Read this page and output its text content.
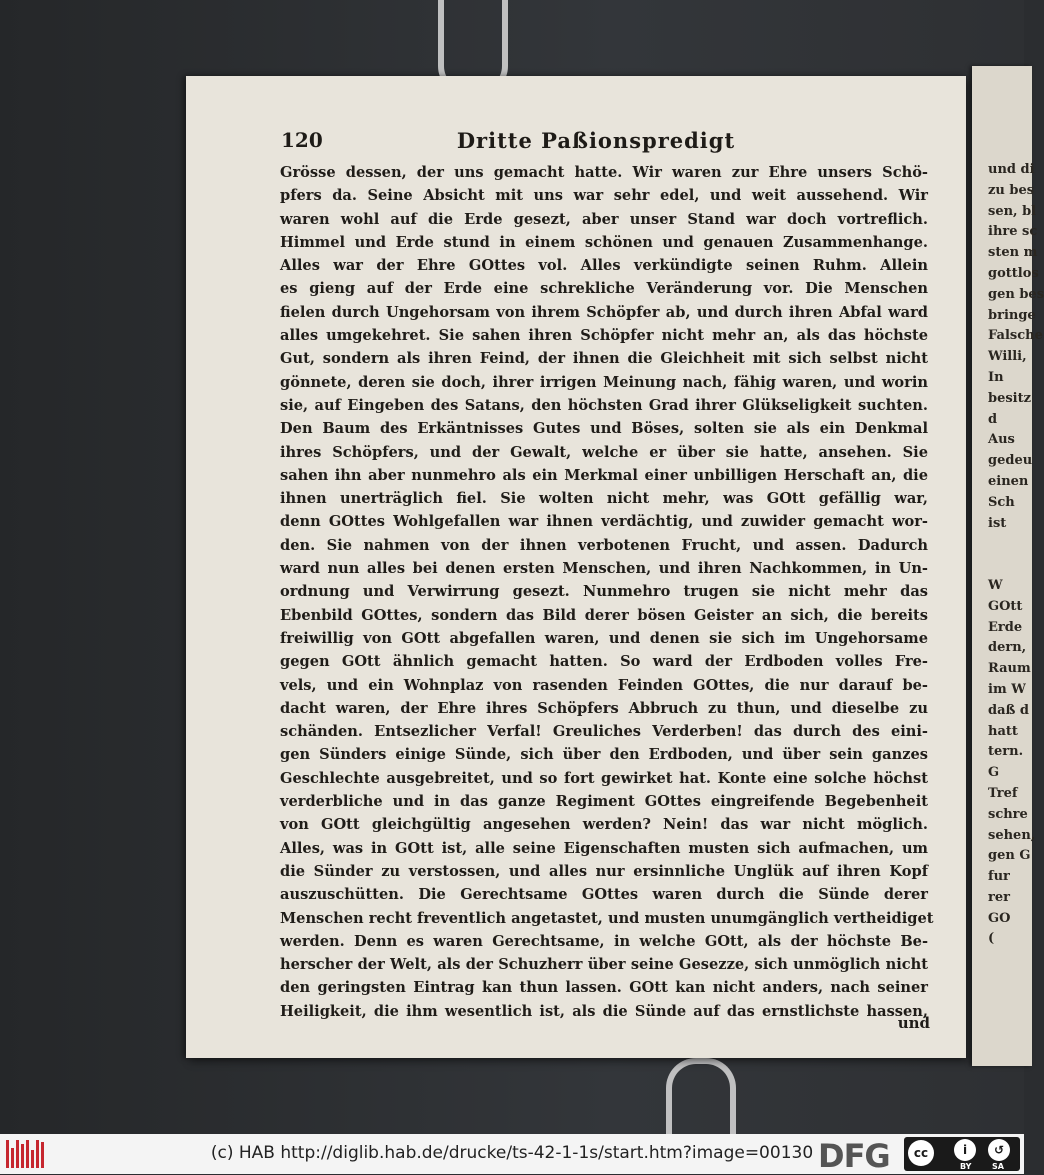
120	Dritte Paßionspredigt
Grösse dessen, der uns gemacht hatte. Wir waren zur Ehre unsers Schö-
pfers da. Seine Absicht mit uns war sehr edel, und weit aussehend. Wir
waren wohl auf die Erde gesezt, aber unser Stand war doch vortreflich.
Himmel und Erde stund in einem schönen und genauen Zusammenhange.
Alles war der Ehre GOttes vol. Alles verkündigte seinen Ruhm. Allein
es gieng auf der Erde eine schrekliche Veränderung vor. Die Menschen
fielen durch Ungehorsam von ihrem Schöpfer ab, und durch ihren Abfal ward
alles umgekehret. Sie sahen ihren Schöpfer nicht mehr an, als das höchste
Gut, sondern als ihren Feind, der ihnen die Gleichheit mit sich selbst nicht
gönnete, deren sie doch, ihrer irrigen Meinung nach, fähig waren, und worin
sie, auf Eingeben des Satans, den höchsten Grad ihrer Glükseligkeit suchten.
Den Baum des Erkäntnisses Gutes und Böses, solten sie als ein Denkmal
ihres Schöpfers, und der Gewalt, welche er über sie hatte, ansehen. Sie
sahen ihn aber nunmehro als ein Merkmal einer unbilligen Herschaft an, die
ihnen unerträglich fiel. Sie wolten nicht mehr, was GOtt gefällig war,
denn GOttes Wohlgefallen war ihnen verdächtig, und zuwider gemacht wor-
den. Sie nahmen von der ihnen verbotenen Frucht, und assen. Dadurch
ward nun alles bei denen ersten Menschen, und ihren Nachkommen, in Un-
ordnung und Verwirrung gesezt. Nunmehro trugen sie nicht mehr das
Ebenbild GOttes, sondern das Bild derer bösen Geister an sich, die bereits
freiwillig von GOtt abgefallen waren, und denen sie sich im Ungehorsame
gegen GOtt ähnlich gemacht hatten. So ward der Erdboden volles Fre-
vels, und ein Wohnplaz von rasenden Feinden GOttes, die nur darauf be-
dacht waren, der Ehre ihres Schöpfers Abbruch zu thun, und dieselbe zu
schänden. Entsezlicher Verfal! Greuliches Verderben! das durch des eini-
gen Sünders einige Sünde, sich über den Erdboden, und über sein ganzes
Geschlechte ausgebreitet, und so fort gewirket hat. Konte eine solche höchst
verderbliche und in das ganze Regiment GOttes eingreifende Begebenheit
von GOtt gleichgültig angesehen werden? Nein! das war nicht möglich.
Alles, was in GOtt ist, alle seine Eigenschaften musten sich aufmachen, um
die Sünder zu verstossen, und alles nur ersinnliche Unglük auf ihren Kopf
auszuschütten. Die Gerechtsame GOttes waren durch die Sünde derer
Menschen recht freventlich angetastet, und musten unumgänglich vertheidiget
werden. Denn es waren Gerechtsame, in welche GOtt, als der höchste Be-
herscher der Welt, als der Schuzherr über seine Gesezze, sich unmöglich nicht
den geringsten Eintrag kan thun lassen. GOtt kan nicht anders, nach seiner
Heiligkeit, die ihm wesentlich ist, als die Sünde auf das ernstlichste hassen,
und
und di
zu bes
sen, bl
ihre sc
sten m
gottlos
gen bes
bringe
Falsche
Willi,
In
besitz
d
Aus
gedeu
einen
Sch
ist

W
GOtt
Erde
dern,
Raum
im W
daß d
hatt
tern.
G
Tref
schre
sehen,
gen G
fur
rer
GO
(
(c) HAB http://diglib.hab.de/drucke/ts-42-1-1s/start.htm?image=00130 DFG	cc	i	↺
BY	SA
